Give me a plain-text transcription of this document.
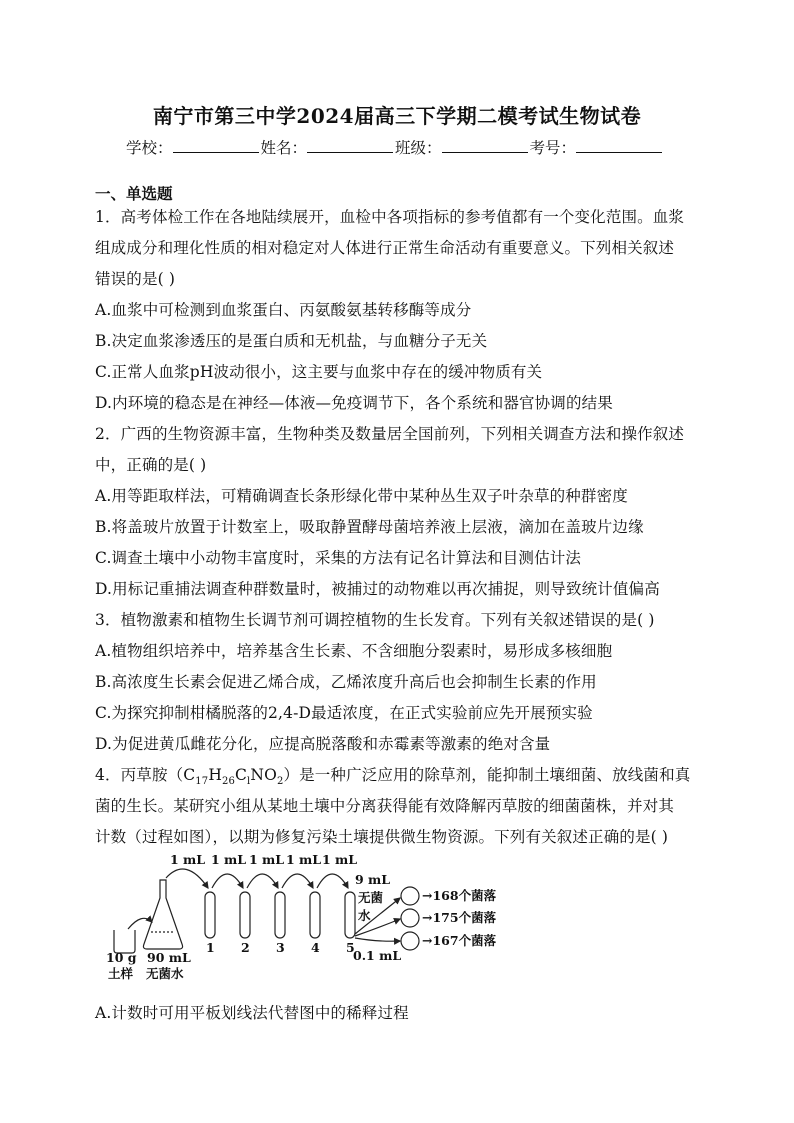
南宁市第三中学2024届高三下学期二模考试生物试卷
学校：	姓名：	班级：	考号：
一、单选题
1．高考体检工作在各地陆续展开，血检中各项指标的参考值都有一个变化范围。血浆
组成成分和理化性质的相对稳定对人体进行正常生命活动有重要意义。下列相关叙述
错误的是( )
A.血浆中可检测到血浆蛋白、丙氨酸氨基转移酶等成分
B.决定血浆渗透压的是蛋白质和无机盐，与血糖分子无关
C.正常人血浆pH波动很小，这主要与血浆中存在的缓冲物质有关
D.内环境的稳态是在神经—体液—免疫调节下，各个系统和器官协调的结果
2．广西的生物资源丰富，生物种类及数量居全国前列，下列相关调查方法和操作叙述
中，正确的是( )
A.用等距取样法，可精确调查长条形绿化带中某种丛生双子叶杂草的种群密度
B.将盖玻片放置于计数室上，吸取静置酵母菌培养液上层液，滴加在盖玻片边缘
C.调查土壤中小动物丰富度时，采集的方法有记名计算法和目测估计法
D.用标记重捕法调查种群数量时，被捕过的动物难以再次捕捉，则导致统计值偏高
3．植物激素和植物生长调节剂可调控植物的生长发育。下列有关叙述错误的是( )
A.植物组织培养中，培养基含生长素、不含细胞分裂素时，易形成多核细胞
B.高浓度生长素会促进乙烯合成，乙烯浓度升高后也会抑制生长素的作用
C.为探究抑制柑橘脱落的2,4-D最适浓度，在正式实验前应先开展预实验
D.为促进黄瓜雌花分化，应提高脱落酸和赤霉素等激素的绝对含量
4．丙草胺$(C_{17}H_{26}C_lNO_2)$是一种广泛应用的除草剂，能抑制土壤细菌、放线菌和真
菌的生长。某研究小组从某地土壤中分离获得能有效降解丙草胺的细菌菌株，并对其
计数（过程如图），以期为修复污染土壤提供微生物资源。下列有关叙述正确的是( )
1 mL 1 mL 1 mL 1 mL 1 mL
1 2 3 4 5
9 mL
无菌
水
0.1 mL
→168个菌落
→175个菌落
→167个菌落
10 g
土样
90 mL
无菌水
A.计数时可用平板划线法代替图中的稀释过程
